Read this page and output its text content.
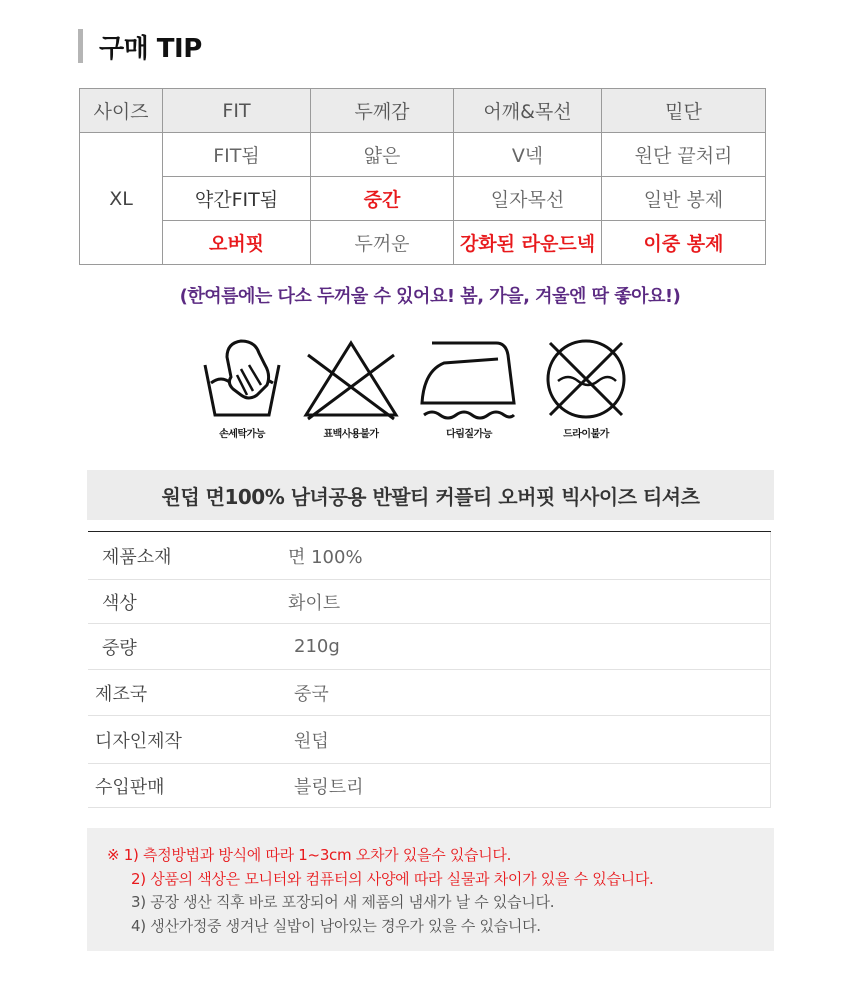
구매 TIP
사이즈	FIT	두께감	어깨&목선	밑단
XL	FIT됨	얇은	V넥	원단 끝처리
	약간FIT됨	중간	일자목선	일반 봉제
	오버핏	두꺼운	강화된 라운드넥	이중 봉제
(한여름에는 다소 두꺼울 수 있어요! 봄, 가을, 겨울엔 딱 좋아요!)
손세탁가능	표백사용불가	다림질가능	드라이불가
원덥 면100% 남녀공용 반팔티 커플티 오버핏 빅사이즈 티셔츠
제품소재	면 100%
색상	화이트
중량	210g
제조국	중국
디자인제작	원덥
수입판매	블링트리
※ 1) 측정방법과 방식에 따라 1~3cm 오차가 있을수 있습니다.
2) 상품의 색상은 모니터와 컴퓨터의 사양에 따라 실물과 차이가 있을 수 있습니다.
3) 공장 생산 직후 바로 포장되어 새 제품의 냄새가 날 수 있습니다.
4) 생산가정중 생겨난 실밥이 남아있는 경우가 있을 수 있습니다.
